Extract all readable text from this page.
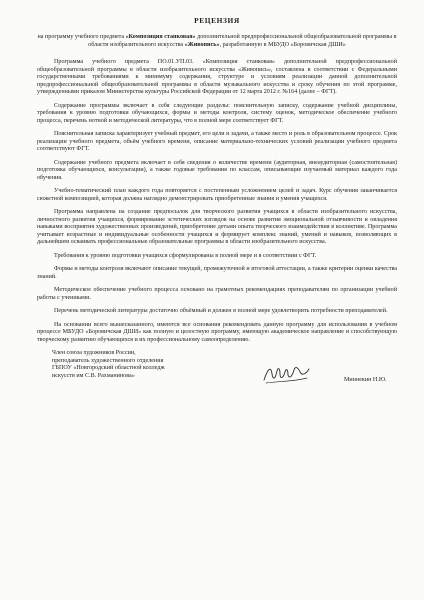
РЕЦЕНЗИЯ
на программу учебного предмета «Композиция станковая» дополнительной предпрофессиональной общеобразовательной программы в области изобразительного искусства «Живопись», разработанную в МБУДО «Боровичская ДШИ»

Программа учебного предмета ПО.01.УП.03. «Композиция станковая» дополнительной предпрофессиональной общеобразовательной программы в области изобразительного искусства «Живопись», составлена в соответствии с Федеральными государственными требованиями к минимуму содержания, структуре и условиям реализации данной дополнительной предпрофессиональной общеобразовательной программы в области музыкального искусства и сроку обучения по этой программе, утвержденными приказом Министерства культуры Российской Федерации от 12 марта 2012 г. №164 (далее – ФГТ).

Содержание программы включает в себя следующие разделы: пояснительную записку, содержание учебной дисциплины, требования к уровню подготовки обучающихся, формы и методы контроля, систему оценок, методическое обеспечение учебного процесса, перечень нотной и методической литературы, что в полной мере соответствует ФГТ.

Пояснительная записка характеризует учебный предмет, его цели и задачи, а также место и роль в образовательном процессе. Срок реализации учебного предмета, объём учебного времени, описание материально-технических условий реализации учебного предмета соответствуют ФГТ.

Содержание учебного предмета включает в себя сведения о количестве времени (аудиторная, внеаудиторная (самостоятельная) подготовка обучающихся, консультации), а также годовые требования по классам, описывающие изучаемый материал каждого года обучения.

Учебно-тематический план каждого года повторяется с постепенным усложнением целей и задач. Курс обучения заканчивается сюжетной композицией, которая должна наглядно демонстрировать приобретенные знания и умения учащихся.

Программа направлена на создание предпосылок для творческого развития учащихся в области изобразительного искусства, личностного развития учащихся, формирование эстетических взглядов на основе развития эмоциональной отзывчивости и овладения навыками восприятия художественных произведений, приобретение детьми опыта творческого взаимодействия в коллективе. Программа учитывает возрастные и индивидуальные особенности учащихся и формирует комплекс знаний, умений и навыков, позволяющих в дальнейшем осваивать профессиональные образовательные программы в области изобразительного искусства.

Требования к уровню подготовки учащихся сформулированы в полной мере и в соответствии с ФГТ.

Формы и методы контроля включают описание текущей, промежуточной и итоговой аттестации, а также критерии оценки качества знаний.

Методическое обеспечение учебного процесса основано на грамотных рекомендациях преподавателям по организации учебной работы с учениками.

Перечень методической литературы достаточно объёмный и должен в полной мере удовлетворить потребности преподавателей.

На основании всего вышесказанного, имеются все основания рекомендовать данную программу для использования в учебном процессе МБУДО «Боровичская ДШИ» как полную и целостную программу, имеющую академическое направление и способствующую творческому развитию обучающихся и их профессиональному самоопределению.

Член союза художников России,
преподаватель художественного отделения
ГБПОУ «Новгородский областной колледж
искусств им С.В. Рахманинова»
Миннекин Н.Ю.
